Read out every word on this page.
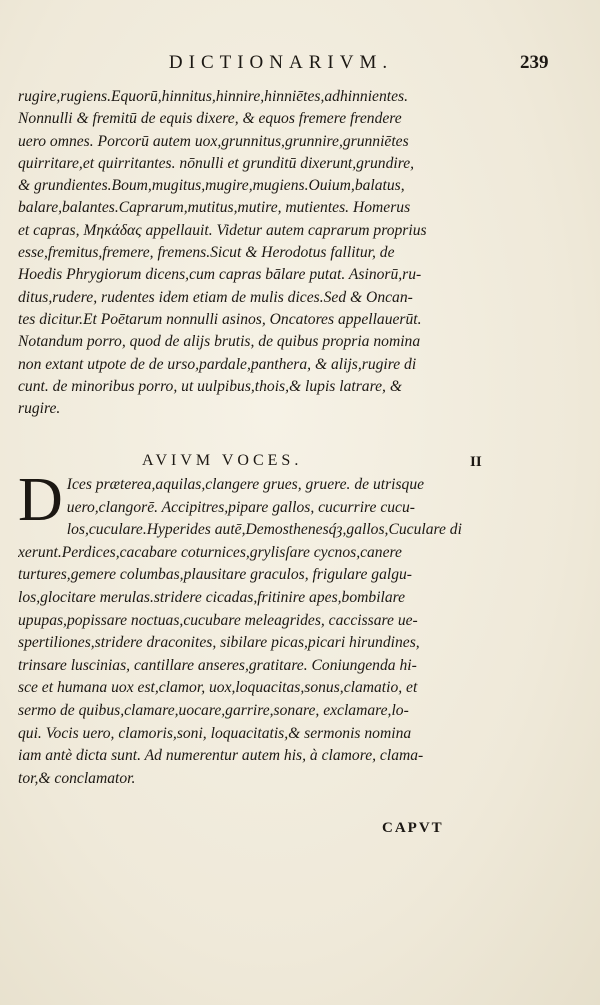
DICTIONARIVM.	239
rugire,rugiens.Equorū,hinnitus,hinnire,hinniētes,adhinnientes.
Nonnulli & fremitū de equis dixere, & equos fremere frendere
uero omnes. Porcorū autem uox,grunnitus,grunnire,grunniētes
quirritare,et quirritantes. nōnulli et grunditū dixerunt,grundire,
& grundientes.Boum,mugitus,mugire,mugiens.Ouium,balatus,
balare,balantes.Caprarum,mutitus,mutire, mutientes. Homerus
et capras, Μηκάδας appellauit. Videtur autem caprarum proprius
esse,fremitus,fremere, fremens.Sicut & Herodotus fallitur, de
Hoedis Phrygiorum dicens,cum capras bālare putat. Asinorū,ru-
ditus,rudere, rudentes idem etiam de mulis dices.Sed & Oncan-
tes dicitur.Et Poētarum nonnulli asinos, Oncatores appellauerūt.
Notandum porro, quod de alijs brutis, de quibus propria nomina
non extant utpote de de urso,pardale,panthera, & alijs,rugire di
cunt. de minoribus porro, ut uulpibus,thois,& lupis latrare, &
rugire.
AVIVM VOCES.	II
D Ices prætereа,aquilas,clangere grues, gruere. de utrisque
uero,clangorē. Accipitres,pipare gallos, cucurrire cucu-
los,cuculare.Hyperides autē,Demosthenesq́ȝ,gallos,Cuculare di
xerunt.Perdices,cacabare coturnices,grylisſare cycnos,canere
turtures,gemere columbas,plausitare graculos, frigulare galgu-
los,glocitare merulas.stridere cicadas,fritinire apes,bombilare
upupas,popissare noctuas,cucubare meleagrides, caccissare ue-
spertiliones,stridere draconites, sibilare picas,picari hirundines,
trinsare luscinias, cantillare anseres,gratitare. Coniungenda hi-
sce et humana uox est,clamor, uox,loquacitas,sonus,clamatio, et
sermo de quibus,clamare,uocare,garrire,sonare, exclamare,lo-
qui. Vocis uero, clamoris,soni, loquacitatis,& sermonis nomina
iam antè dicta sunt. Ad numerentur autem his, à clamore, clama-
tor,& conclamator.
CAPVT
